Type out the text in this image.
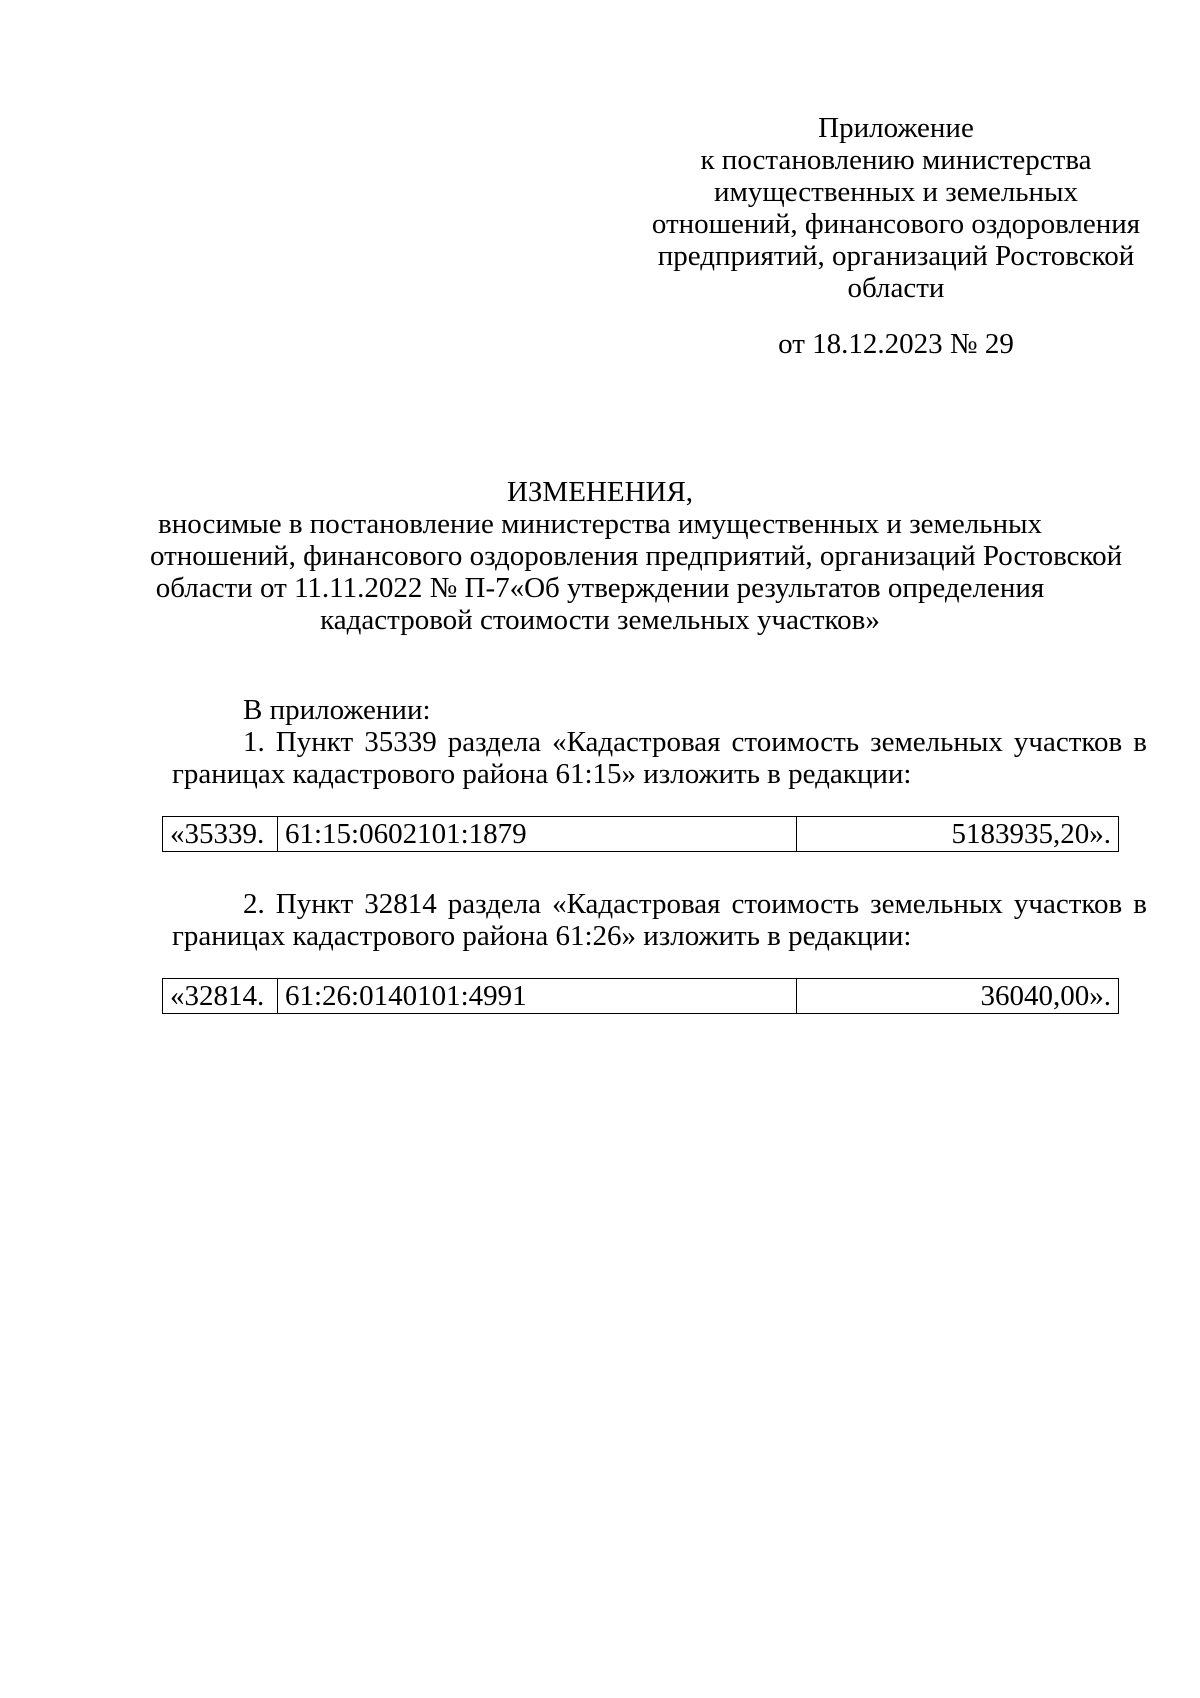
Приложение
к постановлению министерства
имущественных и земельных
отношений, финансового оздоровления
предприятий, организаций Ростовской
области
от 18.12.2023 № 29
ИЗМЕНЕНИЯ,
вносимые в постановление министерства имущественных и земельных
отношений, финансового оздоровления предприятий, организаций Ростовской
области от 11.11.2022 № П-7«Об утверждении результатов определения
кадастровой стоимости земельных участков»
В приложении:
1. Пункт 35339 раздела «Кадастровая стоимость земельных участков в границах кадастрового района 61:15» изложить в редакции:
«35339.	61:15:0602101:1879	5183935,20».
2. Пункт 32814 раздела «Кадастровая стоимость земельных участков в границах кадастрового района 61:26» изложить в редакции:
«32814.	61:26:0140101:4991	36040,00».
